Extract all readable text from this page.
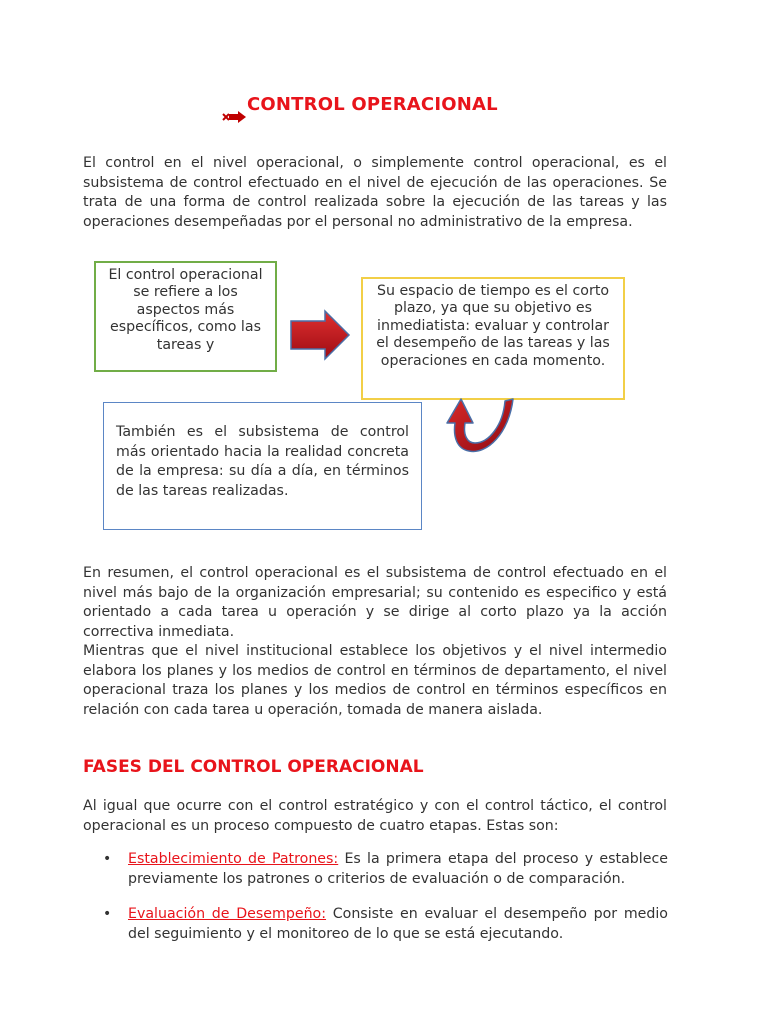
CONTROL OPERACIONAL

El control en el nivel operacional, o simplemente control operacional, es el subsistema de control efectuado en el nivel de ejecución de las operaciones. Se trata de una forma de control realizada sobre la ejecución de las tareas y las operaciones desempeñadas por el personal no administrativo de la empresa.

El control operacional se refiere a los aspectos más específicos, como las tareas y
Su espacio de tiempo es el corto plazo, ya que su objetivo es inmediatista: evaluar y controlar el desempeño de las tareas y las operaciones en cada momento.
También es el subsistema de control más orientado hacia la realidad concreta de la empresa: su día a día, en términos de las tareas realizadas.

En resumen, el control operacional es el subsistema de control efectuado en el nivel más bajo de la organización empresarial; su contenido es especifico y está orientado a cada tarea u operación y se dirige al corto plazo ya la acción correctiva inmediata.

Mientras que el nivel institucional establece los objetivos y el nivel intermedio elabora los planes y los medios de control en términos de departamento, el nivel operacional traza los planes y los medios de control en términos específicos en relación con cada tarea u operación, tomada de manera aislada.

FASES DEL CONTROL OPERACIONAL

Al igual que ocurre con el control estratégico y con el control táctico, el control operacional es un proceso compuesto de cuatro etapas. Estas son:

• Establecimiento de Patrones: Es la primera etapa del proceso y establece previamente los patrones o criterios de evaluación o de comparación.
• Evaluación de Desempeño: Consiste en evaluar el desempeño por medio del seguimiento y el monitoreo de lo que se está ejecutando.
